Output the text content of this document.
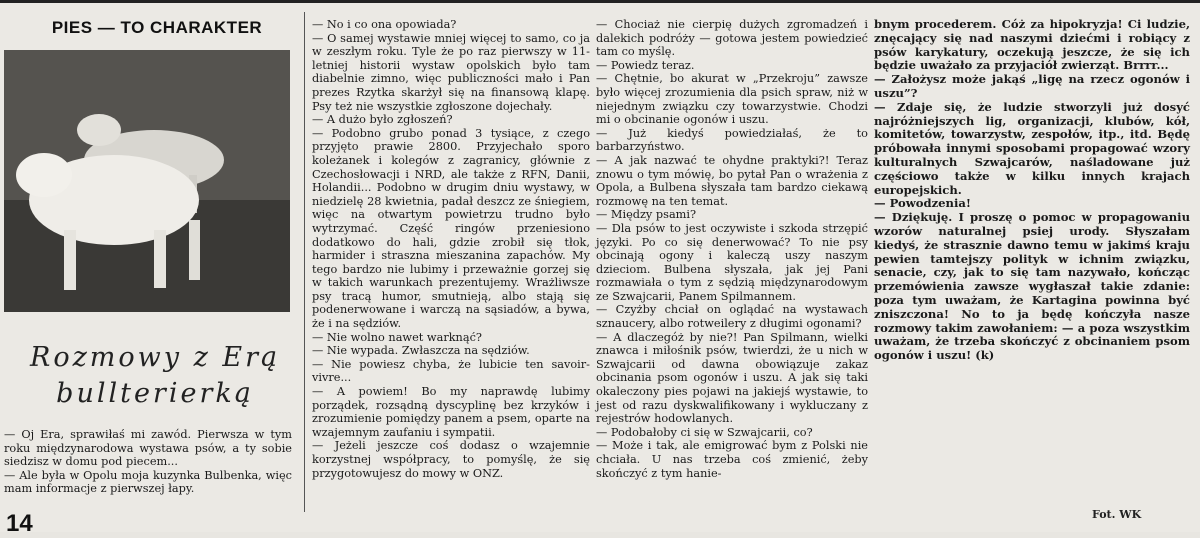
PIES — TO CHARAKTER
Rozmowy z Erą
bullterierką

— Oj Era, sprawiłaś mi zawód. Pierwsza w tym roku międzynarodowa wystawa psów, a ty sobie siedzisz w domu pod piecem...

— Ale była w Opolu moja kuzynka Bulbenka, więc mam informacje z pierwszej łapy.

— No i co ona opowiada?

— O samej wystawie mniej więcej to samo, co ja w zeszłym roku. Tyle że po raz pierwszy w 11-letniej historii wystaw opolskich było tam diabelnie zimno, więc publiczności mało i Pan prezes Rzytka skarżył się na finansową klapę. Psy też nie wszystkie zgłoszone dojechały.

— A dużo było zgłoszeń?

— Podobno grubo ponad 3 tysiące, z czego przyjęto prawie 2800. Przyjechało sporo koleżanek i kolegów z zagranicy, głównie z Czechosłowacji i NRD, ale także z RFN, Danii, Holandii... Podobno w drugim dniu wystawy, w niedzielę 28 kwietnia, padał deszcz ze śniegiem, więc na otwartym powietrzu trudno było wytrzymać. Część ringów przeniesiono dodatkowo do hali, gdzie zrobił się tłok, harmider i straszna mieszanina zapachów. My tego bardzo nie lubimy i przeważnie gorzej się w takich warunkach prezentujemy. Wrażliwsze psy tracą humor, smutnieją, albo stają się podenerwowane i warczą na sąsiadów, a bywa, że i na sędziów.

— Nie wolno nawet warknąć?

— Nie wypada. Zwłaszcza na sędziów.

— Nie powiesz chyba, że lubicie ten savoir-vivre...

— A powiem! Bo my naprawdę lubimy porządek, rozsądną dyscyplinę bez krzyków i zrozumienie pomiędzy panem a psem, oparte na wzajemnym zaufaniu i sympatii.

— Jeżeli jeszcze coś dodasz o wzajemnie korzystnej współpracy, to pomyślę, że się przygotowujesz do mowy w ONZ.

— Chociaż nie cierpię dużych zgromadzeń i dalekich podróży — gotowa jestem powiedzieć tam co myślę.

— Powiedz teraz.

— Chętnie, bo akurat w „Przekroju” zawsze było więcej zrozumienia dla psich spraw, niż w niejednym związku czy towarzystwie. Chodzi mi o obcinanie ogonów i uszu.

— Już kiedyś powiedziałaś, że to barbarzyństwo.

— A jak nazwać te ohydne praktyki?! Teraz znowu o tym mówię, bo pytał Pan o wrażenia z Opola, a Bulbena słyszała tam bardzo ciekawą rozmowę na ten temat.

— Między psami?

— Dla psów to jest oczywiste i szkoda strzępić języki. Po co się denerwować? To nie psy obcinają ogony i kaleczą uszy naszym dzieciom. Bulbena słyszała, jak jej Pani rozmawiała o tym z sędzią międzynarodowym ze Szwajcarii, Panem Spilmannem.

— Czyżby chciał on oglądać na wystawach sznaucery, albo rotweilery z długimi ogonami?

— A dlaczegóż by nie?! Pan Spilmann, wielki znawca i miłośnik psów, twierdzi, że u nich w Szwajcarii od dawna obowiązuje zakaz obcinania psom ogonów i uszu. A jak się taki okaleczony pies pojawi na jakiejś wystawie, to jest od razu dyskwalifikowany i wykluczany z rejestrów hodowlanych.

— Podobałoby ci się w Szwajcarii, co?

— Może i tak, ale emigrować bym z Polski nie chciała. U nas trzeba coś zmienić, żeby skończyć z tym hanie-

bnym procederem. Cóż za hipokryzja! Ci ludzie, znęcający się nad naszymi dziećmi i robiący z psów karykatury, oczekują jeszcze, że się ich będzie uważało za przyjaciół zwierząt. Brrrr...

— Założysz może jakąś „ligę na rzecz ogonów i uszu”?

— Zdaje się, że ludzie stworzyli już dosyć najróżniejszych lig, organizacji, klubów, kół, komitetów, towarzystw, zespołów, itp., itd. Będę próbowała innymi sposobami propagować wzory kulturalnych Szwajcarów, naśladowane już częściowo także w kilku innych krajach europejskich.

— Powodzenia!

— Dziękuję. I proszę o pomoc w propagowaniu wzorów naturalnej psiej urody. Słyszałam kiedyś, że strasznie dawno temu w jakimś kraju pewien tamtejszy polityk w ichnim związku, senacie, czy, jak to się tam nazywało, kończąc przemówienia zawsze wygłaszał takie zdanie: poza tym uważam, że Kartagina powinna być zniszczona! No to ja będę kończyła nasze rozmowy takim zawołaniem: — a poza wszystkim uważam, że trzeba skończyć z obcinaniem psom ogonów i uszu! (k)

14	Fot. WK
